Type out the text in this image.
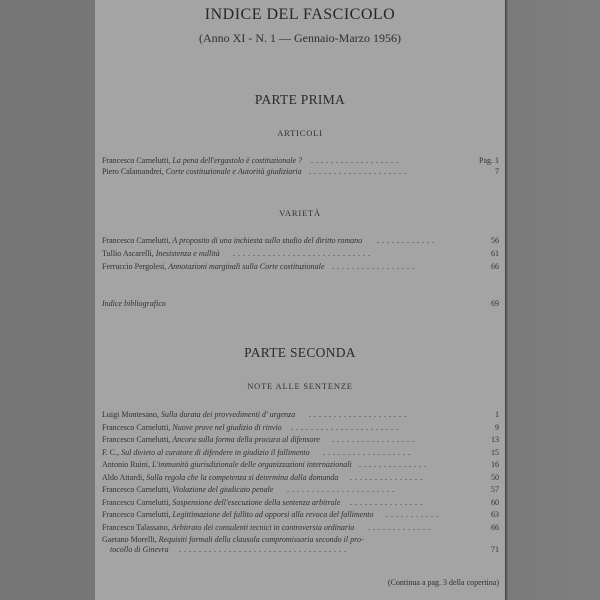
INDICE DEL FASCICOLO
(Anno XI - N. 1 — Gennaio-Marzo 1956)
PARTE PRIMA
ARTICOLI
Francesco Carnelutti, La pena dell'ergastolo è costituzionale ? ..................	Pag. 1
Piero Calamandrei, Corte costituzionale e Autorità giudiziaria ....................	7
VARIETÀ
Francesco Carnelutti, A proposito di una inchiesta sullo studio del diritto romano ............	56
Tullio Ascarelli, Inesistenza e nullità ............................	61
Ferruccio Pergolesi, Annotazioni marginali sulla Corte costituzionale .................	66
Indice bibliografico	69
PARTE SECONDA
NOTE ALLE SENTENZE
Luigi Montesano, Sulla durata dei provvedimenti d' urgenza ....................	1
Francesco Carnelutti, Nuove prove nel giudizio di rinvio ......................	9
Francesco Carnelutti, Ancora sulla forma della procura al difensore .................	13
F. C., Sul divieto al curatore di difendere in giudizio il fallimento ..................	15
Antonio Ruini, L'immunità giurisdizionale delle organizzazioni internazionali ..............	16
Aldo Attardi, Sulla regola che la competenza si determina dalla domanda ...............	50
Francesco Carnelutti, Violazione del giudicato penale ......................	57
Francesco Carnelutti, Sospensione dell'esecuzione della sentenza arbitrale ...............	60
Francesco Carnelutti, Legittimazione del fallito ad opporsi alla revoca del fallimento ...........	63
Francesco Talassano, Arbitrato dei consulenti tecnici in controversia ordinaria .............	66
Gaetano Morelli, Requisiti formali della clausola compromissoria secondo il pro-
tocollo di Ginevra ..................................	71
(Continua a pag. 3 della copertina)
